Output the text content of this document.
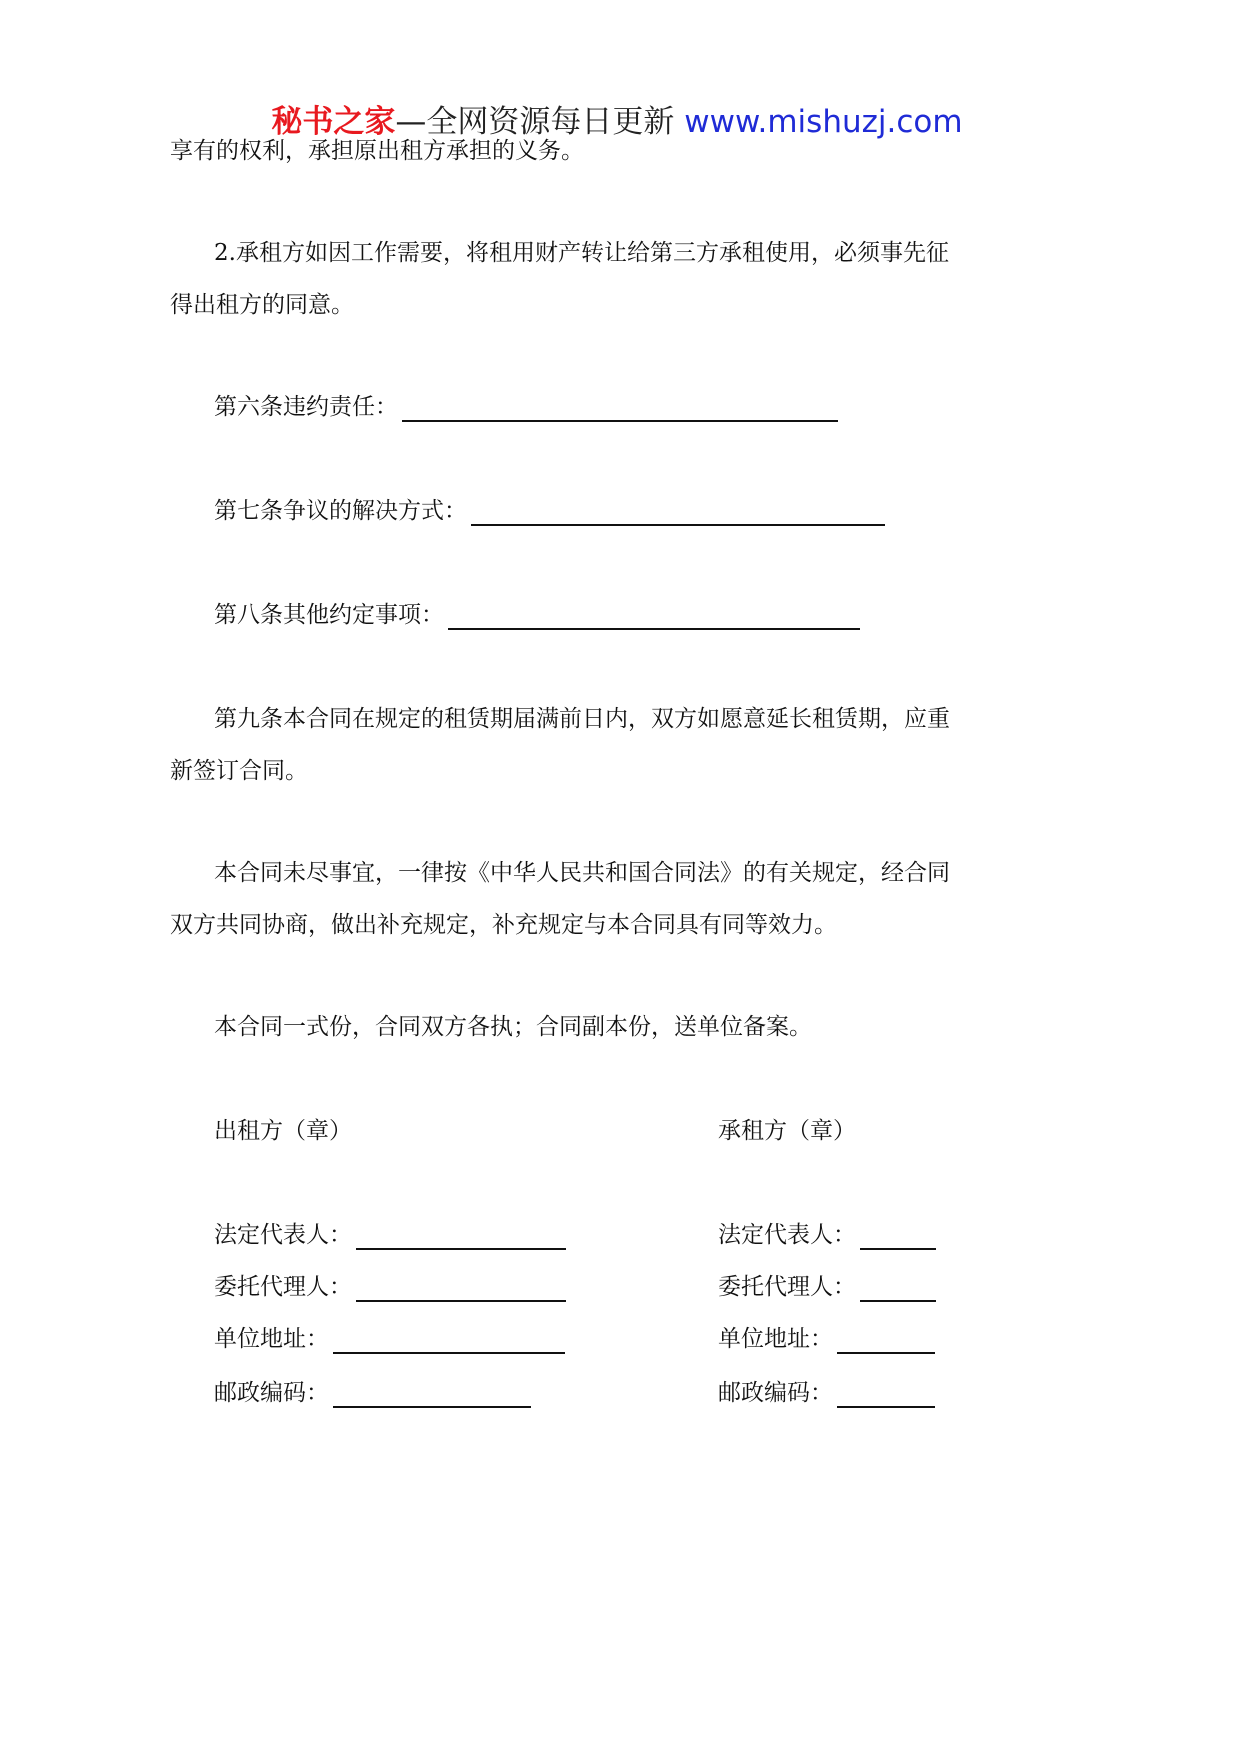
秘书之家—全网资源每日更新 www.mishuzj.com
享有的权利，承担原出租方承担的义务。
2.承租方如因工作需要，将租用财产转让给第三方承租使用，必须事先征
得出租方的同意。
第六条违约责任：
第七条争议的解决方式：
第八条其他约定事项：
第九条本合同在规定的租赁期届满前日内，双方如愿意延长租赁期，应重
新签订合同。
本合同未尽事宜，一律按《中华人民共和国合同法》的有关规定，经合同
双方共同协商，做出补充规定，补充规定与本合同具有同等效力。
本合同一式份，合同双方各执；合同副本份，送单位备案。
出租方（章）	承租方（章）
法定代表人：	法定代表人：
委托代理人：	委托代理人：
单位地址：	单位地址：
邮政编码：	邮政编码：
